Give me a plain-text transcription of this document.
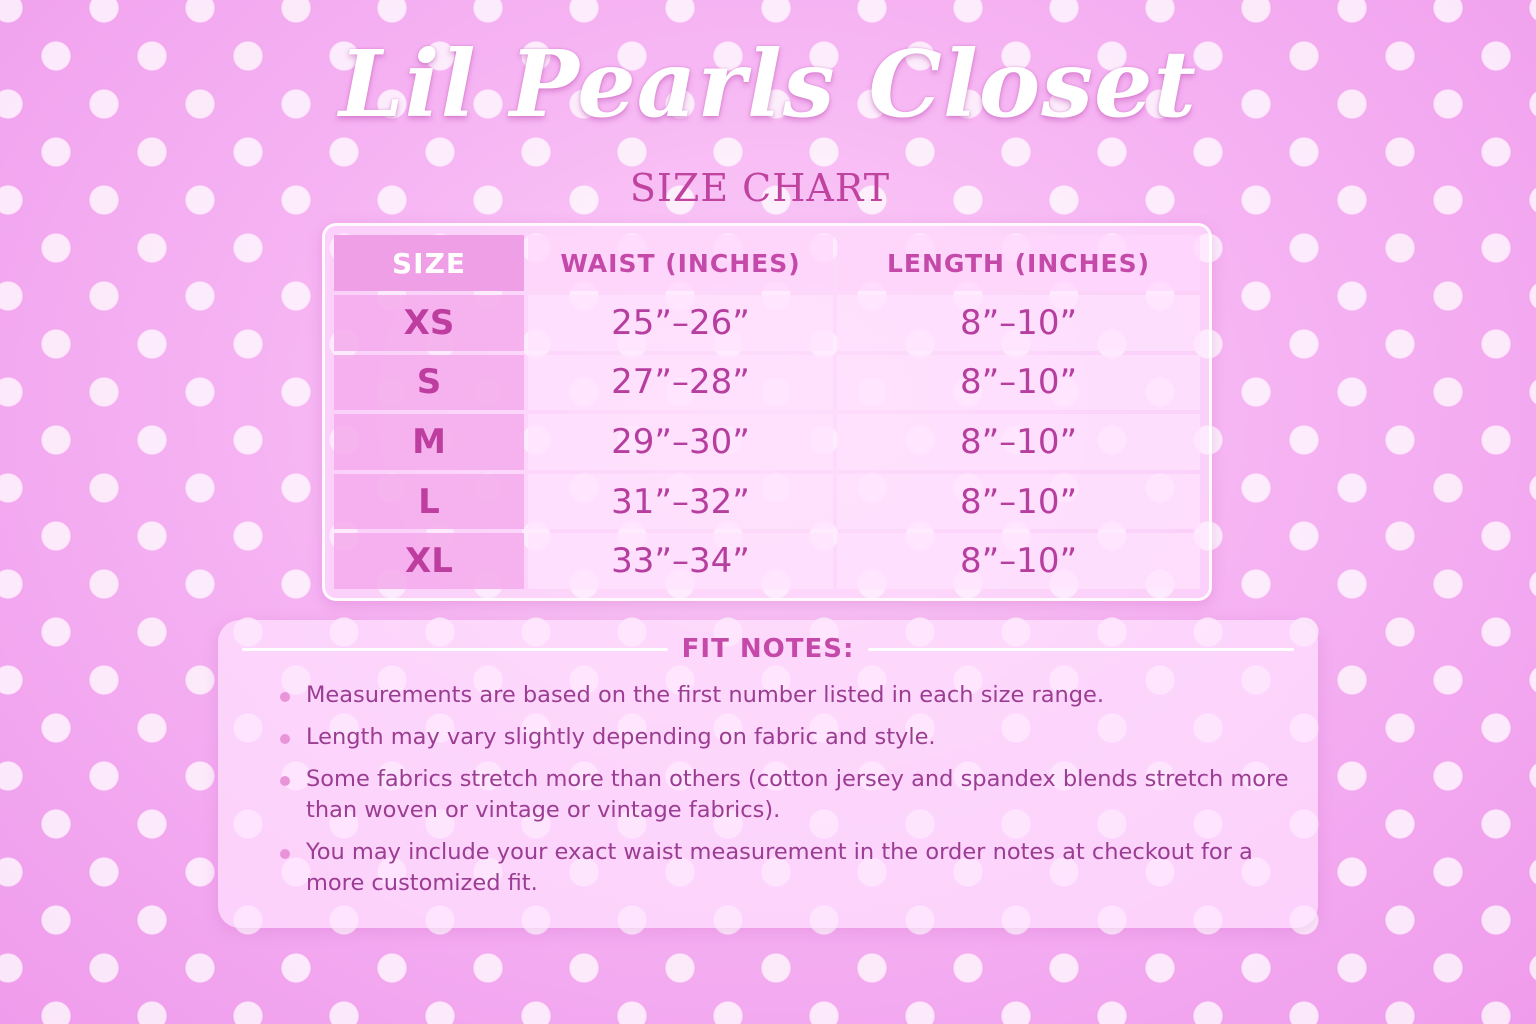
Lil Pearls Closet
SIZE CHART
SIZE	WAIST (INCHES)	LENGTH (INCHES)
XS	25”–26”	8”–10”
S	27”–28”	8”–10”
M	29”–30”	8”–10”
L	31”–32”	8”–10”
XL	33”–34”	8”–10”
FIT NOTES:
Measurements are based on the first number listed in each size range.
Length may vary slightly depending on fabric and style.
Some fabrics stretch more than others (cotton jersey and spandex blends stretch more than woven or vintage or vintage fabrics).
You may include your exact waist measurement in the order notes at checkout for a more customized fit.
